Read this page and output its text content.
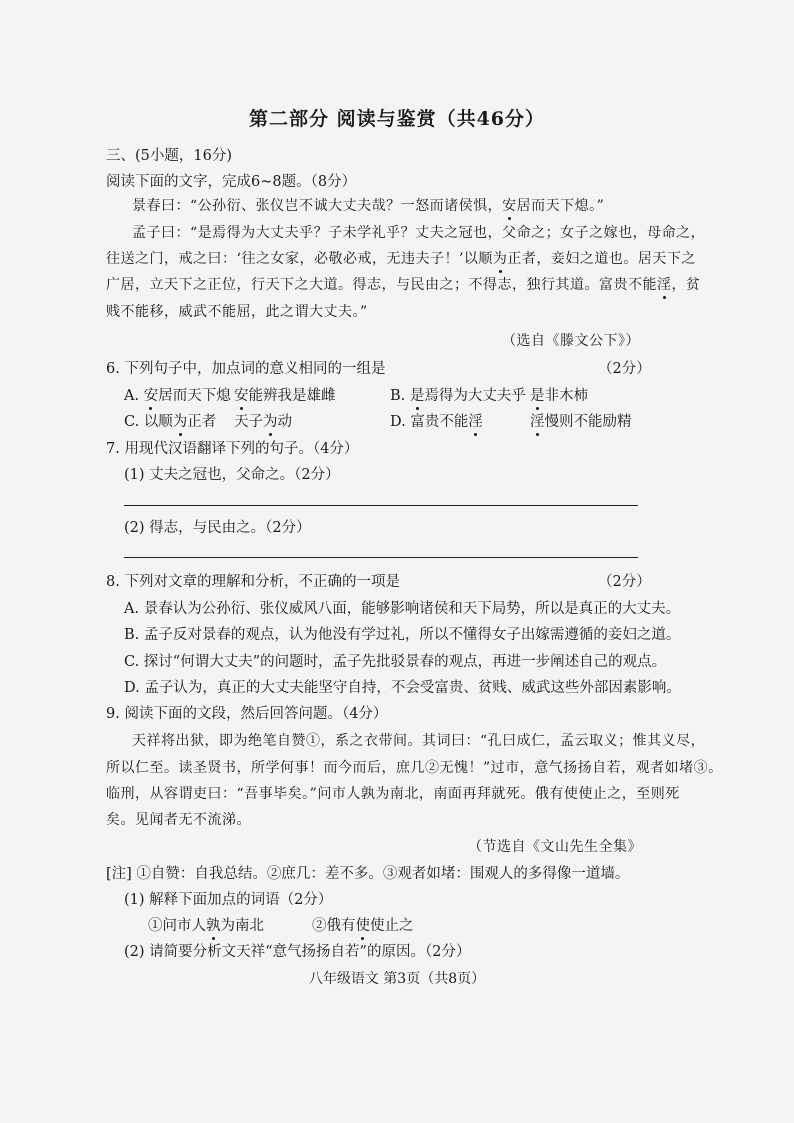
第二部分 阅读与鉴赏（共46分）
三、(5小题，16分)
阅读下面的文字，完成6~8题。（8分）
景春曰：“公孙衍、张仪岂不诚大丈夫哉？一怒而诸侯惧，安居而天下熄。”
孟子曰：“是焉得为大丈夫乎？子未学礼乎？丈夫之冠也，父命之；女子之嫁也，母命之，
往送之门，戒之曰：‘往之女家，必敬必戒，无违夫子！’以顺为正者，妾妇之道也。居天下之
广居，立天下之正位，行天下之大道。得志，与民由之；不得志，独行其道。富贵不能淫，贫
贱不能移，威武不能屈，此之谓大丈夫。”
（选自《滕文公下》）
6. 下列句子中，加点词的意义相同的一组是	（2分）
A. 安居而天下熄 安能辨我是雄雌	B. 是焉得为大丈夫乎 是非木柿
C. 以顺为正者 天子为动	D. 富贵不能淫	淫慢则不能励精
7. 用现代汉语翻译下列的句子。（4分）
(1) 丈夫之冠也，父命之。（2分）
(2) 得志，与民由之。（2分）
8. 下列对文章的理解和分析，不正确的一项是	（2分）
A. 景春认为公孙衍、张仪威风八面，能够影响诸侯和天下局势，所以是真正的大丈夫。
B. 孟子反对景春的观点，认为他没有学过礼，所以不懂得女子出嫁需遵循的妾妇之道。
C. 探讨“何谓大丈夫”的问题时，孟子先批驳景春的观点，再进一步阐述自己的观点。
D. 孟子认为，真正的大丈夫能坚守自持，不会受富贵、贫贱、威武这些外部因素影响。
9. 阅读下面的文段，然后回答问题。（4分）
天祥将出狱，即为绝笔自赞①，系之衣带间。其词曰：“孔曰成仁，孟云取义；惟其义尽，
所以仁至。读圣贤书，所学何事！而今而后，庶几②无愧！”过市，意气扬扬自若，观者如堵③。
临刑，从容谓吏曰：“吾事毕矣。”问市人孰为南北，南面再拜就死。俄有使使止之，至则死
矣。见闻者无不流涕。
（节选自《文山先生全集》
[注] ①自赞：自我总结。②庶几：差不多。③观者如堵：围观人的多得像一道墙。
(1) 解释下面加点的词语（2分）
①问市人孰为南北	②俄有使使止之
(2) 请简要分析文天祥“意气扬扬自若”的原因。（2分）
八年级语文 第3页（共8页）
